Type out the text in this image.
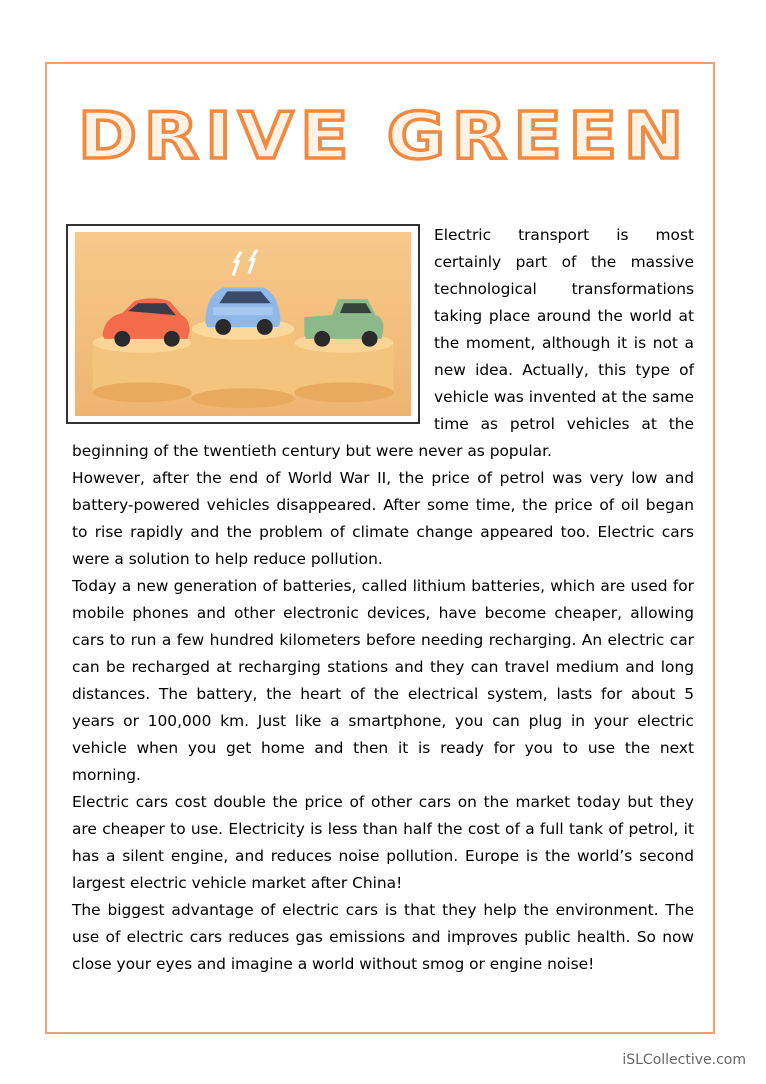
DRIVE GREEN

Electric transport is most certainly part of the massive technological transformations taking place around the world at the moment, although it is not a new idea. Actually, this type of vehicle was invented at the same time as petrol vehicles at the beginning of the twentieth century but were never as popular.

However, after the end of World War II, the price of petrol was very low and battery-powered vehicles disappeared. After some time, the price of oil began to rise rapidly and the problem of climate change appeared too. Electric cars were a solution to help reduce pollution.

Today a new generation of batteries, called lithium batteries, which are used for mobile phones and other electronic devices, have become cheaper, allowing cars to run a few hundred kilometers before needing recharging. An electric car can be recharged at recharging stations and they can travel medium and long distances. The battery, the heart of the electrical system, lasts for about 5 years or 100,000 km. Just like a smartphone, you can plug in your electric vehicle when you get home and then it is ready for you to use the next morning.

Electric cars cost double the price of other cars on the market today but they are cheaper to use. Electricity is less than half the cost of a full tank of petrol, it has a silent engine, and reduces noise pollution. Europe is the world’s second largest electric vehicle market after China!

The biggest advantage of electric cars is that they help the environment. The use of electric cars reduces gas emissions and improves public health. So now close your eyes and imagine a world without smog or engine noise!

iSLCollective.com
